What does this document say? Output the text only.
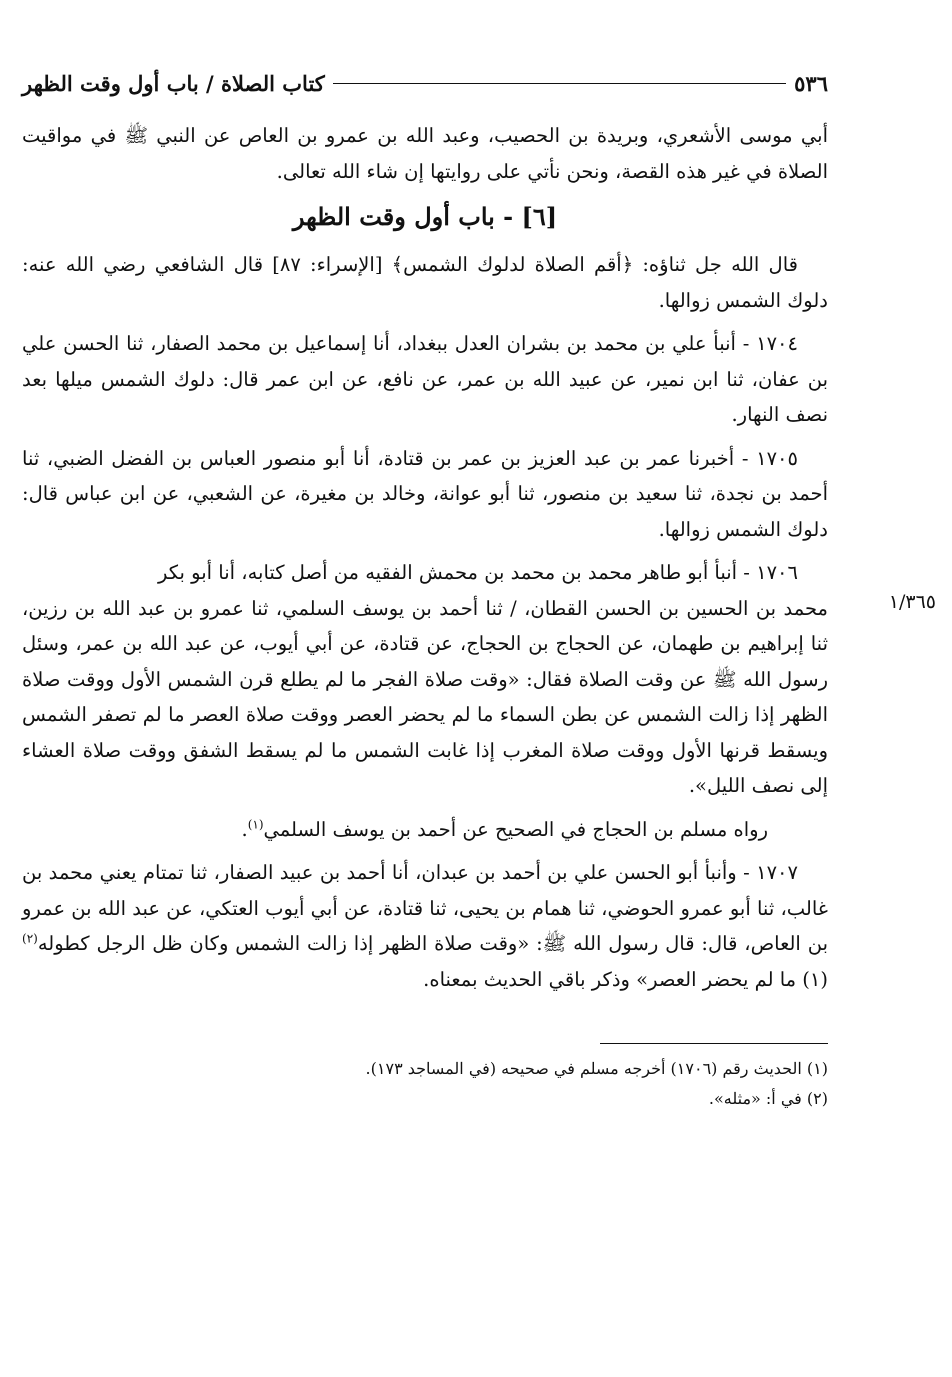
٥٣٦
كتاب الصلاة / باب أول وقت الظهر

أبي موسى الأشعري، وبريدة بن الحصيب، وعبد الله بن عمرو بن العاص عن النبي ﷺ في مواقيت الصلاة في غير هذه القصة، ونحن نأتي على روايتها إن شاء الله تعالى.

[٦] - باب أول وقت الظهر

قال الله جل ثناؤه: ﴿أقم الصلاة لدلوك الشمس﴾ [الإسراء: ٨٧] قال الشافعي رضي الله عنه: دلوك الشمس زوالها.

١٧٠٤ - أنبأ علي بن محمد بن بشران العدل ببغداد، أنا إسماعيل بن محمد الصفار، ثنا الحسن علي بن عفان، ثنا ابن نمير، عن عبيد الله بن عمر، عن نافع، عن ابن عمر قال: دلوك الشمس ميلها بعد نصف النهار.

١٧٠٥ - أخبرنا عمر بن عبد العزيز بن عمر بن قتادة، أنا أبو منصور العباس بن الفضل الضبي، ثنا أحمد بن نجدة، ثنا سعيد بن منصور، ثنا أبو عوانة، وخالد بن مغيرة، عن الشعبي، عن ابن عباس قال: دلوك الشمس زوالها.

١٧٠٦ - أنبأ أبو طاهر محمد بن محمد بن محمش الفقيه من أصل كتابه، أنا أبو بكر

١/٣٦٥

محمد بن الحسين بن الحسن القطان، / ثنا أحمد بن يوسف السلمي، ثنا عمرو بن عبد الله بن رزين، ثنا إبراهيم بن طهمان، عن الحجاج بن الحجاج، عن قتادة، عن أبي أيوب، عن عبد الله بن عمر، وسئل رسول الله ﷺ عن وقت الصلاة فقال: «وقت صلاة الفجر ما لم يطلع قرن الشمس الأول ووقت صلاة الظهر إذا زالت الشمس عن بطن السماء ما لم يحضر العصر ووقت صلاة العصر ما لم تصفر الشمس ويسقط قرنها الأول ووقت صلاة المغرب إذا غابت الشمس ما لم يسقط الشفق ووقت صلاة العشاء إلى نصف الليل».

رواه مسلم بن الحجاج في الصحيح عن أحمد بن يوسف السلمي$^{(١)}$.

١٧٠٧ - وأنبأ أبو الحسن علي بن أحمد بن عبدان، أنا أحمد بن عبيد الصفار، ثنا تمتام يعني محمد بن غالب، ثنا أبو عمرو الحوضي، ثنا همام بن يحيى، ثنا قتادة، عن أبي أيوب العتكي، عن عبد الله بن عمرو بن العاص، قال: قال رسول الله ﷺ: «وقت صلاة الظهر إذا زالت الشمس وكان ظل الرجل كطوله$^{(٢)}$ (١) ما لم يحضر العصر» وذكر باقي الحديث بمعناه.

(١) الحديث رقم (١٧٠٦) أخرجه مسلم في صحيحه (في المساجد ١٧٣).

(٢) في أ: «مثله».
